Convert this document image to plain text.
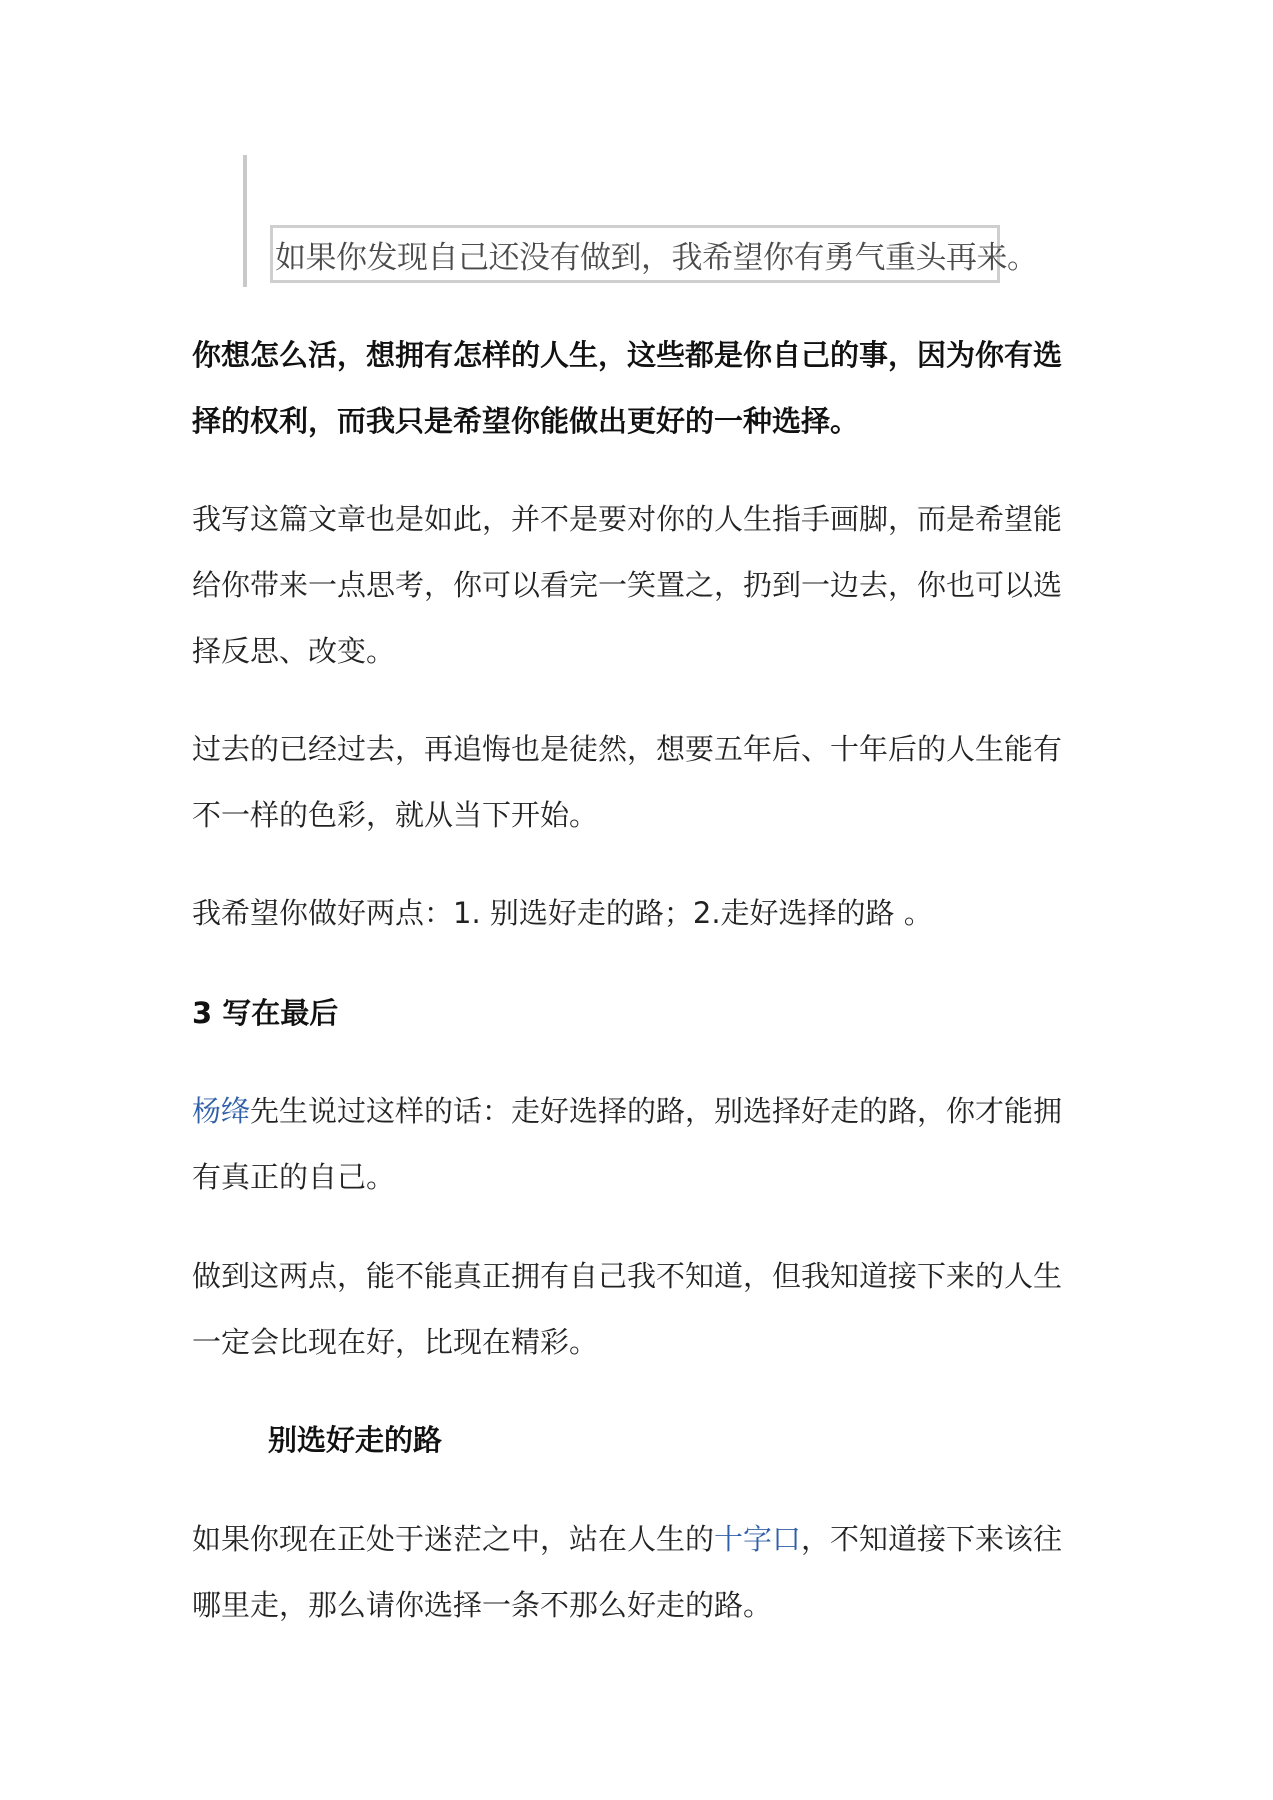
如果你发现自己还没有做到，我希望你有勇气重头再来。

你想怎么活，想拥有怎样的人生，这些都是你自己的事，因为你有选
择的权利，而我只是希望你能做出更好的一种选择。

我写这篇文章也是如此，并不是要对你的人生指手画脚，而是希望能
给你带来一点思考，你可以看完一笑置之，扔到一边去，你也可以选
择反思、改变。

过去的已经过去，再追悔也是徒然，想要五年后、十年后的人生能有
不一样的色彩，就从当下开始。

我希望你做好两点：1. 别选好走的路；2.走好选择的路 。

3 写在最后

杨绛先生说过这样的话：走好选择的路，别选择好走的路，你才能拥
有真正的自己。

做到这两点，能不能真正拥有自己我不知道，但我知道接下来的人生
一定会比现在好，比现在精彩。

别选好走的路

如果你现在正处于迷茫之中，站在人生的十字口，不知道接下来该往
哪里走，那么请你选择一条不那么好走的路。
